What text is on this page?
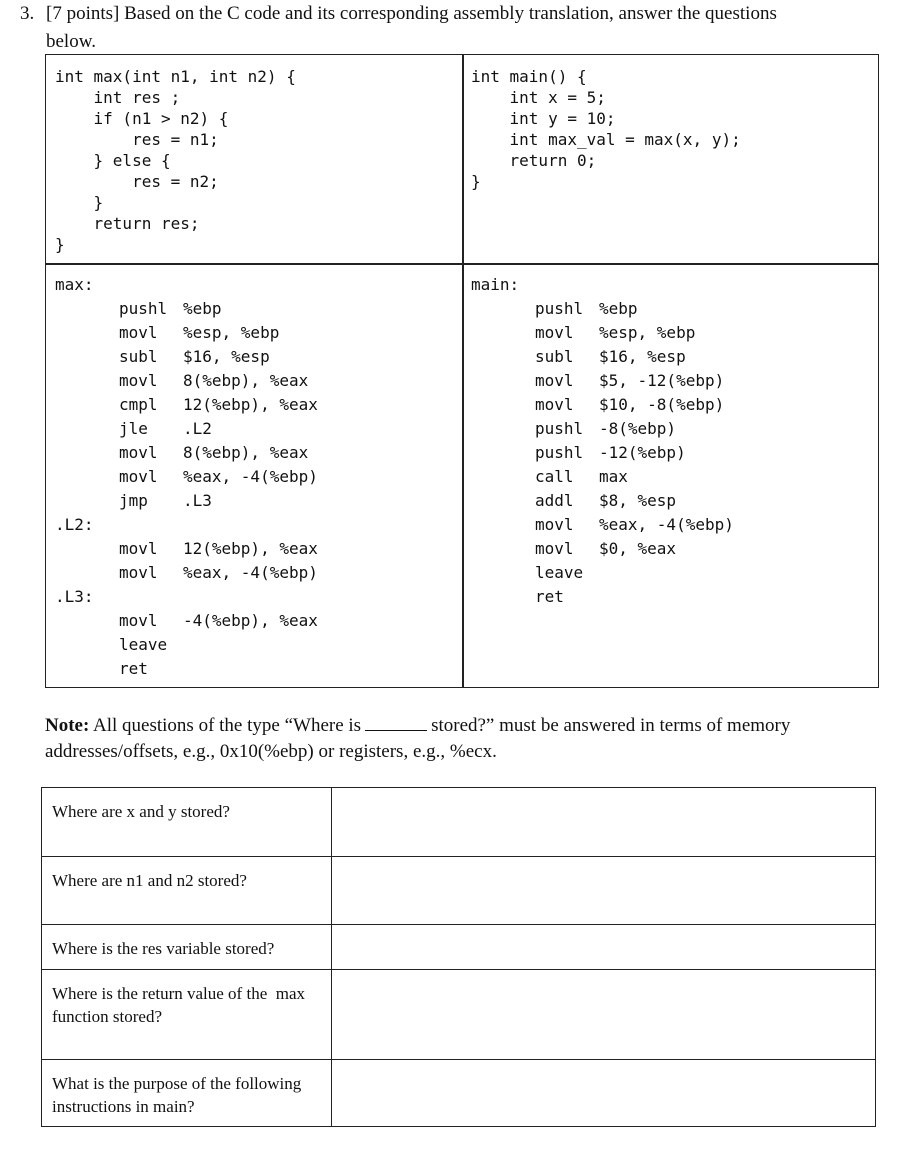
3. [7 points] Based on the C code and its corresponding assembly translation, answer the questions
below.
int max(int n1, int n2) {
int res ;
if (n1 > n2) {
res = n1;
} else {
res = n2;
}
return res;
}
int main() {
int x = 5;
int y = 10;
int max_val = max(x, y);
return 0;
}
max:
pushl %ebp
movl %esp, %ebp
subl $16, %esp
movl 8(%ebp), %eax
cmpl 12(%ebp), %eax
jle .L2
movl 8(%ebp), %eax
movl %eax, -4(%ebp)
jmp .L3
.L2:
movl 12(%ebp), %eax
movl %eax, -4(%ebp)
.L3:
movl -4(%ebp), %eax
leave
ret
main:
pushl %ebp
movl %esp, %ebp
subl $16, %esp
movl $5, -12(%ebp)
movl $10, -8(%ebp)
pushl -8(%ebp)
pushl -12(%ebp)
call max
addl $8, %esp
movl %eax, -4(%ebp)
movl $0, %eax
leave
ret
Note: All questions of the type “Where is	stored?” must be answered in terms of memory
addresses/offsets, e.g., 0x10(%ebp) or registers, e.g., %ecx.
Where are x and y stored?	
Where are n1 and n2 stored?	
Where is the res variable stored?	
Where is the return value of the  max function stored?	
What is the purpose of the following instructions in main?	
